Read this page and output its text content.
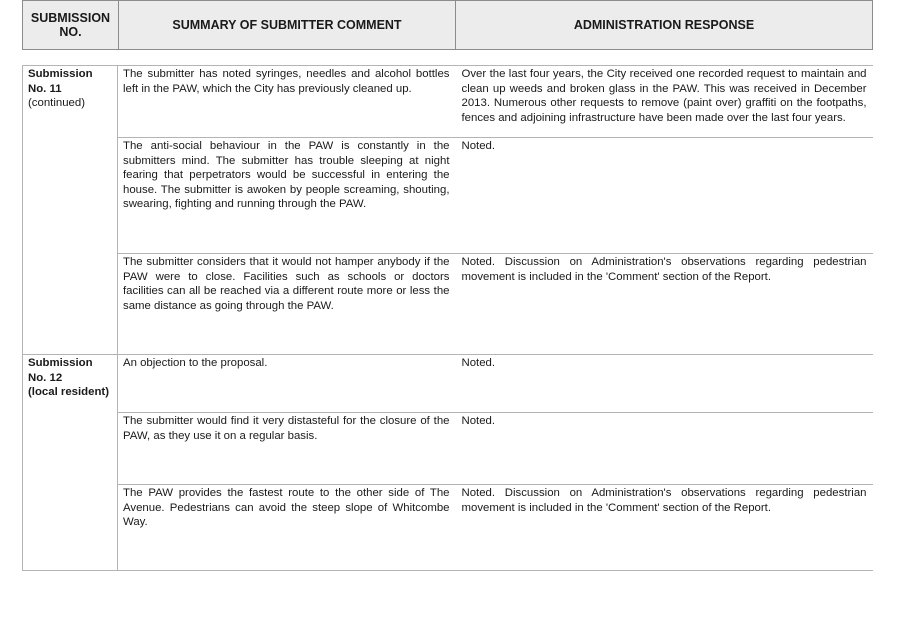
SUBMISSION NO.	SUMMARY OF SUBMITTER COMMENT	ADMINISTRATION RESPONSE
Submission No. 11
(continued)	The submitter has noted syringes, needles and alcohol bottles left in the PAW, which the City has previously cleaned up.	Over the last four years, the City received one recorded request to maintain and clean up weeds and broken glass in the PAW. This was received in December 2013. Numerous other requests to remove (paint over) graffiti on the footpaths, fences and adjoining infrastructure have been made over the last four years.
	The anti-social behaviour in the PAW is constantly in the submitters mind. The submitter has trouble sleeping at night fearing that perpetrators would be successful in entering the house. The submitter is awoken by people screaming, shouting, swearing, fighting and running through the PAW.	Noted.
	The submitter considers that it would not hamper anybody if the PAW were to close. Facilities such as schools or doctors facilities can all be reached via a different route more or less the same distance as going through the PAW.	Noted. Discussion on Administration's observations regarding pedestrian movement is included in the 'Comment' section of the Report.

Submission No. 12
(local resident)	An objection to the proposal.	Noted.
	The submitter would find it very distasteful for the closure of the PAW, as they use it on a regular basis.	Noted.
	The PAW provides the fastest route to the other side of The Avenue. Pedestrians can avoid the steep slope of Whitcombe Way.	Noted. Discussion on Administration's observations regarding pedestrian movement is included in the 'Comment' section of the Report.
